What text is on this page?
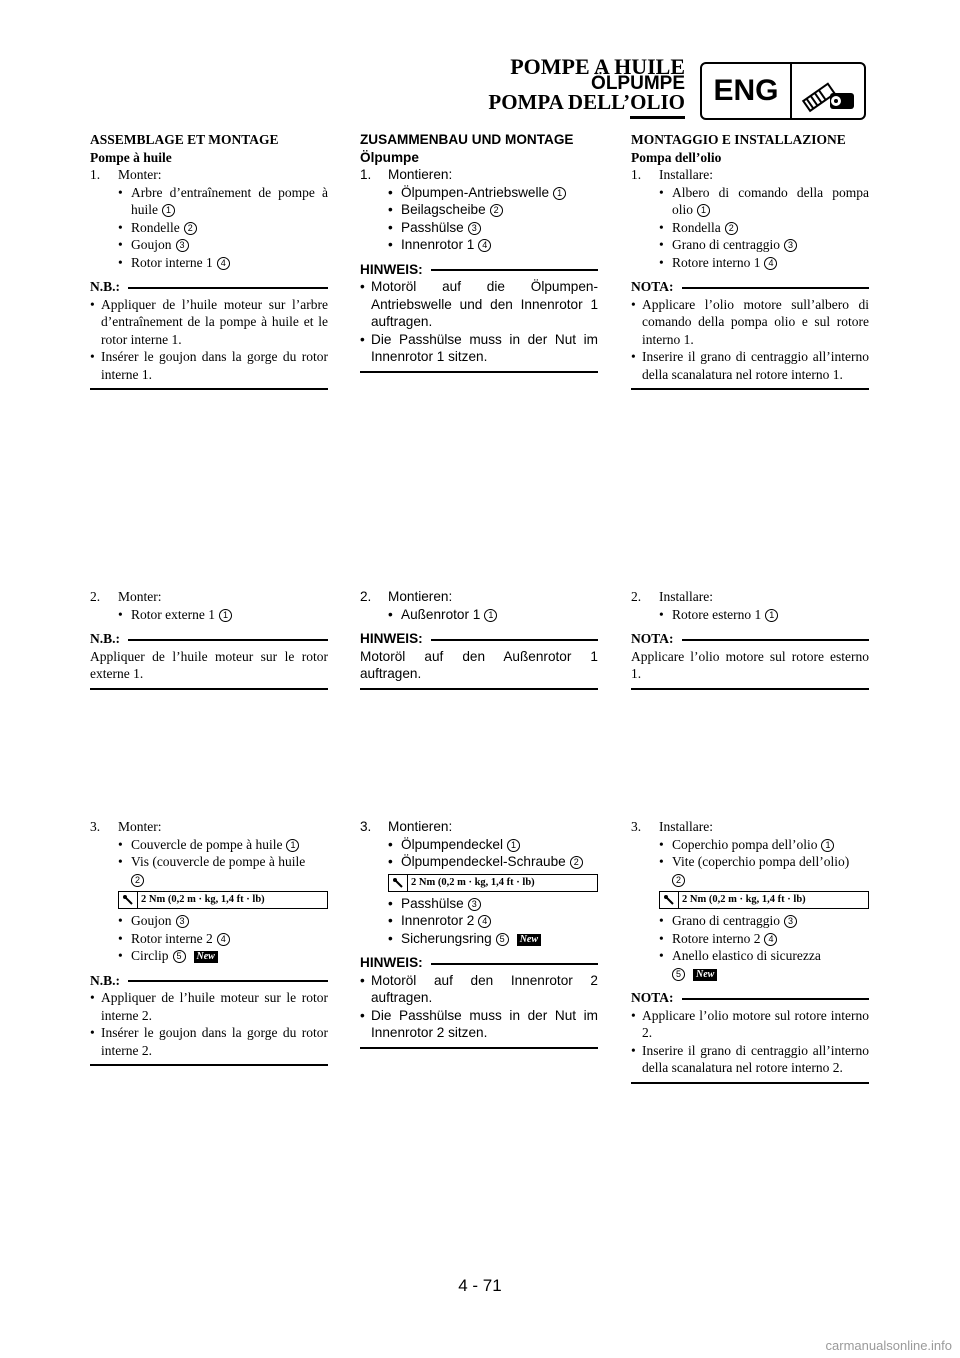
POMPE A HUILE
ÖLPUMPE
POMPA DELL’OLIO ENG
ASSEMBLAGE ET MONTAGE
Pompe à huile
1.	Monter:
• Arbre d’entraînement de pompe à huile 1
• Rondelle 2
• Goujon 3
• Rotor interne 1 4
N.B.:
• Appliquer de l’huile moteur sur l’arbre d’entraînement de la pompe à huile et le rotor interne 1.
• Insérer le goujon dans la gorge du rotor interne 1.
2.	Monter:
• Rotor externe 1 1
N.B.:
Appliquer de l’huile moteur sur le rotor externe 1.
3.	Monter:
• Couvercle de pompe à huile 1
• Vis (couvercle de pompe à huile
2
2 Nm (0,2 m · kg, 1,4 ft · lb)
• Goujon 3
• Rotor interne 2 4
• Circlip 5 New
N.B.:
• Appliquer de l’huile moteur sur le rotor interne 2.
• Insérer le goujon dans la gorge du rotor interne 2.
ZUSAMMENBAU UND MONTAGE
Ölpumpe
1.	Montieren:
• Ölpumpen-Antriebswelle 1
• Beilagscheibe 2
• Passhülse 3
• Innenrotor 1 4
HINWEIS:
• Motoröl auf die Ölpumpen-Antriebswelle und den Innenrotor 1 auftragen.
• Die Passhülse muss in der Nut im Innenrotor 1 sitzen.
2.	Montieren:
• Außenrotor 1 1
HINWEIS:
Motoröl auf den Außenrotor 1 auftragen.
3.	Montieren:
• Ölpumpendeckel 1
• Ölpumpendeckel-Schraube 2
2 Nm (0,2 m · kg, 1,4 ft · lb)
• Passhülse 3
• Innenrotor 2 4
• Sicherungsring 5 New
HINWEIS:
• Motoröl auf den Innenrotor 2 auftragen.
• Die Passhülse muss in der Nut im Innenrotor 2 sitzen.
MONTAGGIO E INSTALLAZIONE
Pompa dell’olio
1.	Installare:
• Albero di comando della pompa olio 1
• Rondella 2
• Grano di centraggio 3
• Rotore interno 1 4
NOTA:
• Applicare l’olio motore sull’albero di comando della pompa olio e sul rotore interno 1.
• Inserire il grano di centraggio all’interno della scanalatura nel rotore interno 1.
2.	Installare:
• Rotore esterno 1 1
NOTA:
Applicare l’olio motore sul rotore esterno 1.
3.	Installare:
• Coperchio pompa dell’olio 1
• Vite (coperchio pompa dell’olio)
2
2 Nm (0,2 m · kg, 1,4 ft · lb)
• Grano di centraggio 3
• Rotore interno 2 4
• Anello elastico di sicurezza
5 New
NOTA:
• Applicare l’olio motore sul rotore interno 2.
• Inserire il grano di centraggio all’interno della scanalatura nel rotore interno 2.
4 - 71
carmanualsonline.info
